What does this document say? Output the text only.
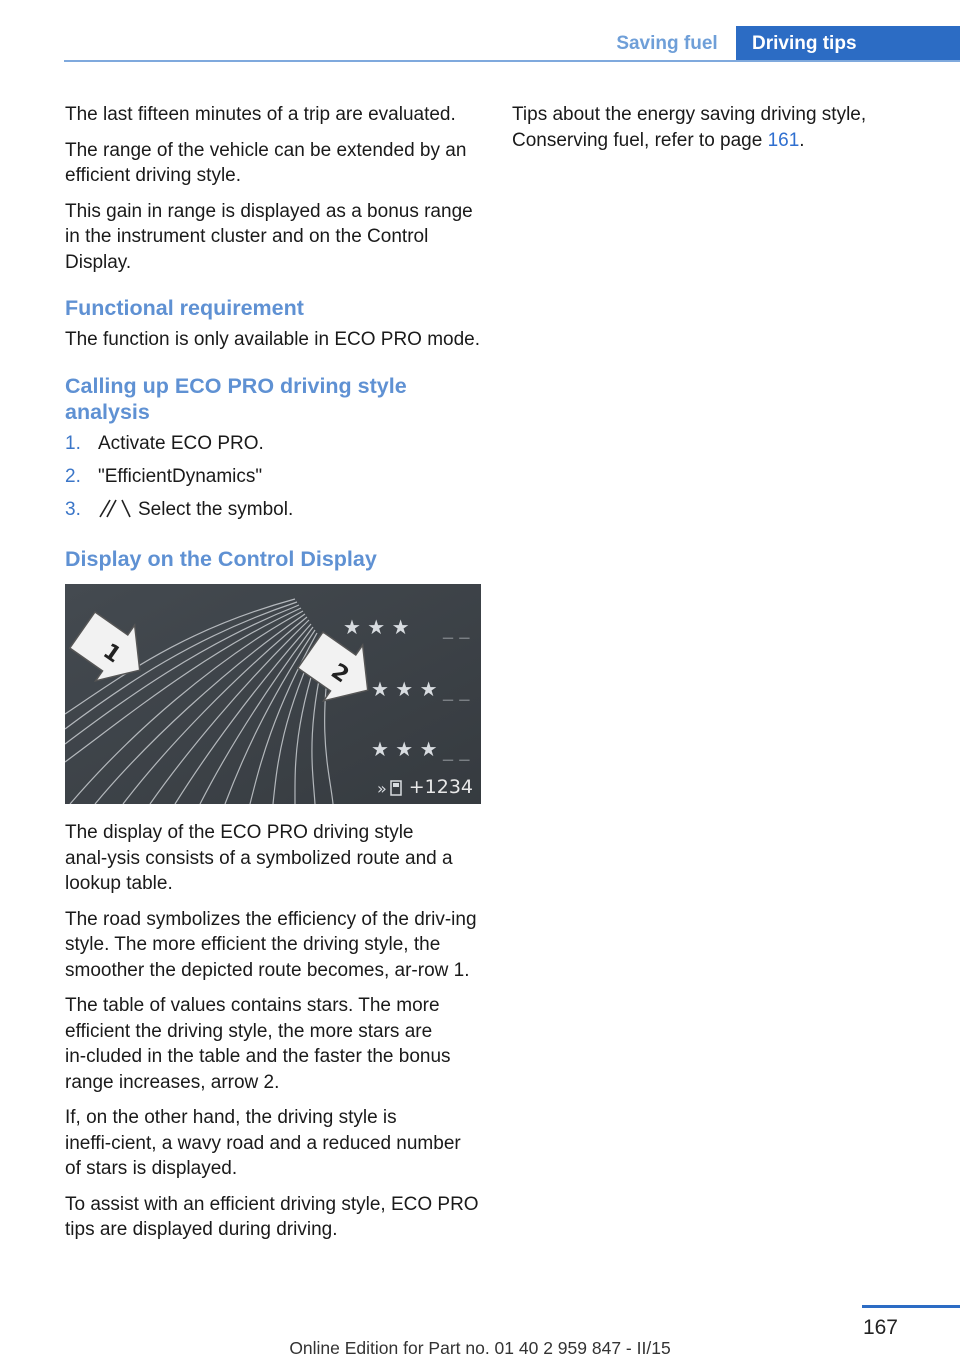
Saving fuel	Driving tips

The last fifteen minutes of a trip are evaluated.

The range of the vehicle can be extended by an efficient driving style.

This gain in range is displayed as a bonus range in the instrument cluster and on the Control Display.

Functional requirement

The function is only available in ECO PRO mode.

Calling up ECO PRO driving style analysis
1. Activate ECO PRO.
2. "EfficientDynamics"
3.	Select the symbol.
Display on the Control Display
1
2
★ ★ ★ _ _
★ ★ ★ _ _
★ ★ ★ _ _
» +1234

The display of the ECO PRO driving style anal‑ysis consists of a symbolized route and a lookup table.

The road symbolizes the efficiency of the driv‑ing style. The more efficient the driving style, the smoother the depicted route becomes, ar‑row 1.

The table of values contains stars. The more efficient the driving style, the more stars are in‑cluded in the table and the faster the bonus range increases, arrow 2.

If, on the other hand, the driving style is ineffi‑cient, a wavy road and a reduced number of stars is displayed.

To assist with an efficient driving style, ECO PRO tips are displayed during driving.

Tips about the energy saving driving style, Conserving fuel, refer to page 161.

167
Online Edition for Part no. 01 40 2 959 847 - II/15
